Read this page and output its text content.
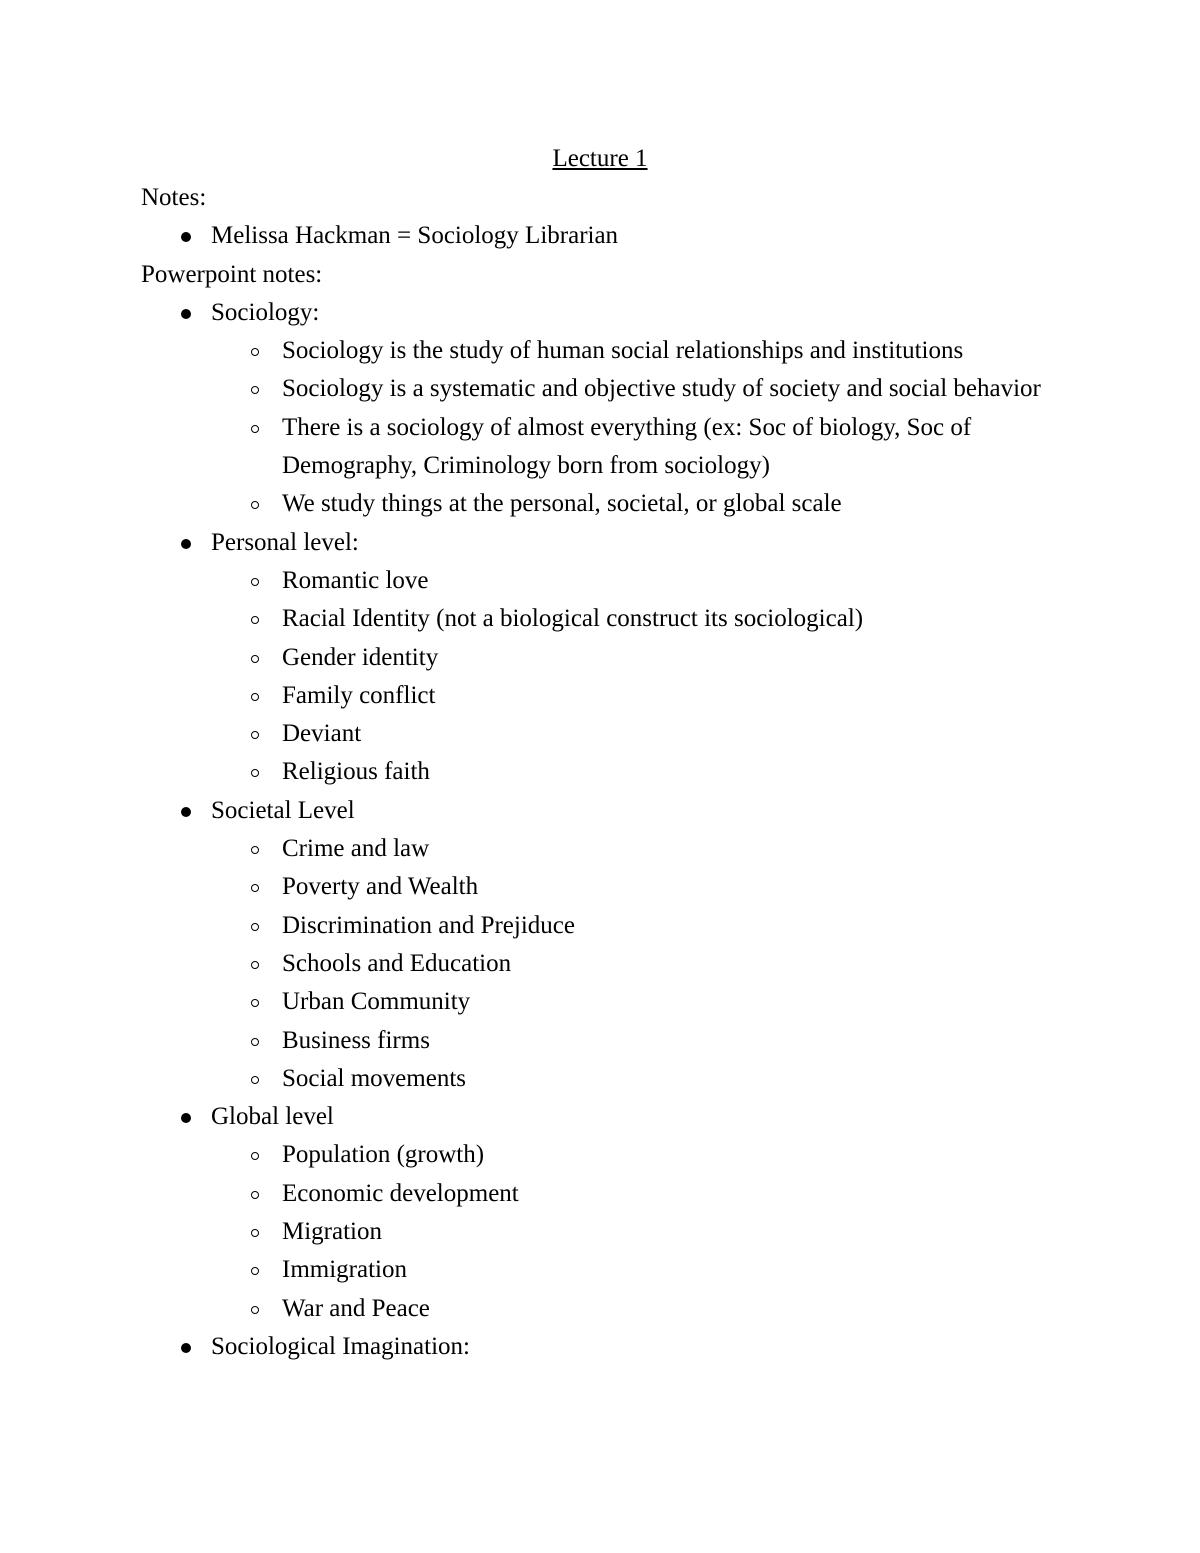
Lecture 1
Notes:
Melissa Hackman = Sociology Librarian
Powerpoint notes:
Sociology:
Sociology is the study of human social relationships and institutions
Sociology is a systematic and objective study of society and social behavior
There is a sociology of almost everything (ex: Soc of biology, Soc of Demography, Criminology born from sociology)
We study things at the personal, societal, or global scale
Personal level:
Romantic love
Racial Identity (not a biological construct its sociological)
Gender identity
Family conflict
Deviant
Religious faith
Societal Level
Crime and law
Poverty and Wealth
Discrimination and Prejiduce
Schools and Education
Urban Community
Business firms
Social movements
Global level
Population (growth)
Economic development
Migration
Immigration
War and Peace
Sociological Imagination:
